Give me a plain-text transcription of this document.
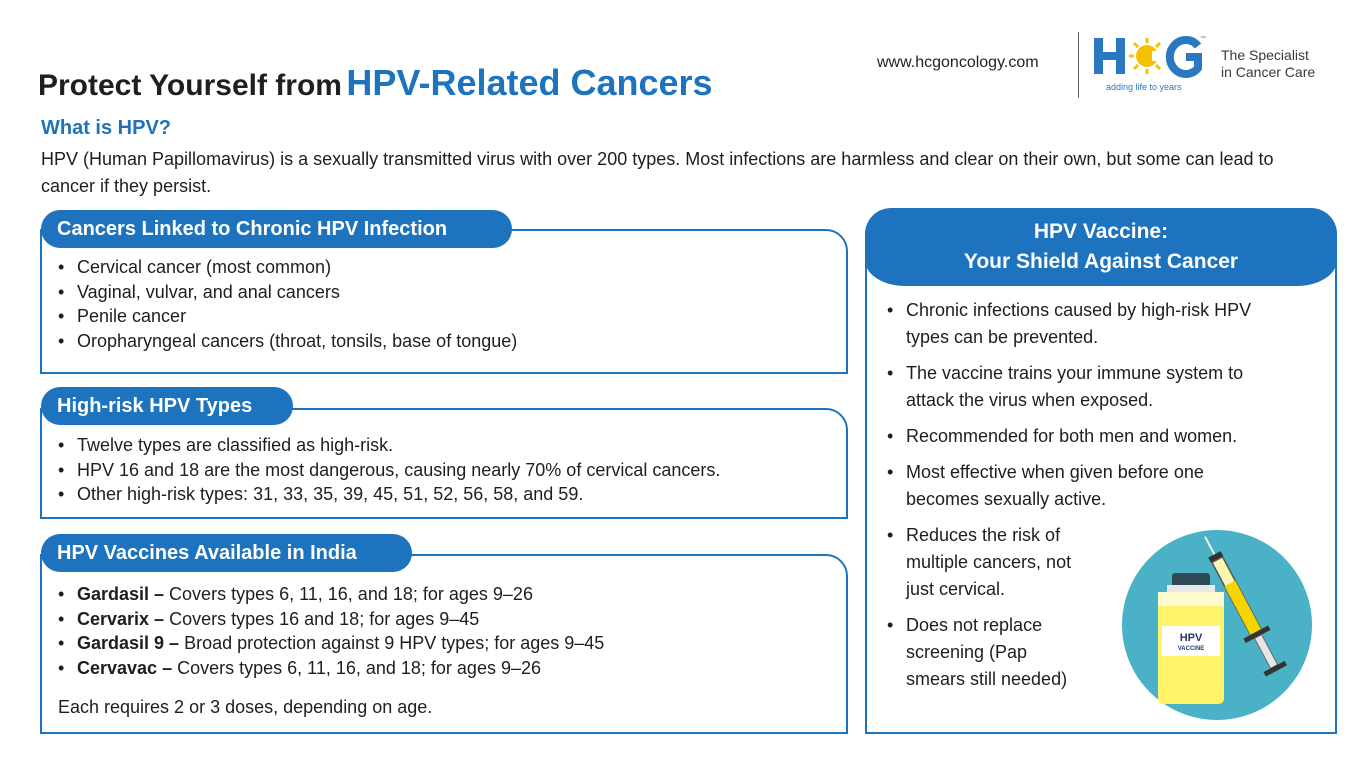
Protect Yourself from HPV-Related Cancers	www.hcgoncology.com
™
adding life to years
The Specialist
in Cancer Care
What is HPV?
HPV (Human Papillomavirus) is a sexually transmitted virus with over 200 types. Most infections are harmless and clear on their own, but some can lead to cancer if they persist.
Cancers Linked to Chronic HPV Infection
• Cervical cancer (most common)
• Vaginal, vulvar, and anal cancers
• Penile cancer
• Oropharyngeal cancers (throat, tonsils, base of tongue)
High-risk HPV Types
• Twelve types are classified as high-risk.
• HPV 16 and 18 are the most dangerous, causing nearly 70% of cervical cancers.
• Other high-risk types: 31, 33, 35, 39, 45, 51, 52, 56, 58, and 59.
HPV Vaccines Available in India
• Gardasil – Covers types 6, 11, 16, and 18; for ages 9–26
• Cervarix – Covers types 16 and 18; for ages 9–45
• Gardasil 9 – Broad protection against 9 HPV types; for ages 9–45
• Cervavac – Covers types 6, 11, 16, and 18; for ages 9–26
Each requires 2 or 3 doses, depending on age.
HPV Vaccine:
Your Shield Against Cancer
• Chronic infections caused by high-risk HPV
types can be prevented.
• The vaccine trains your immune system to
attack the virus when exposed.
• Recommended for both men and women.
• Most effective when given before one
becomes sexually active.
• Reduces the risk of
multiple cancers, not
just cervical.
• Does not replace
screening (Pap
smears still needed)
HPV
VACCINE
